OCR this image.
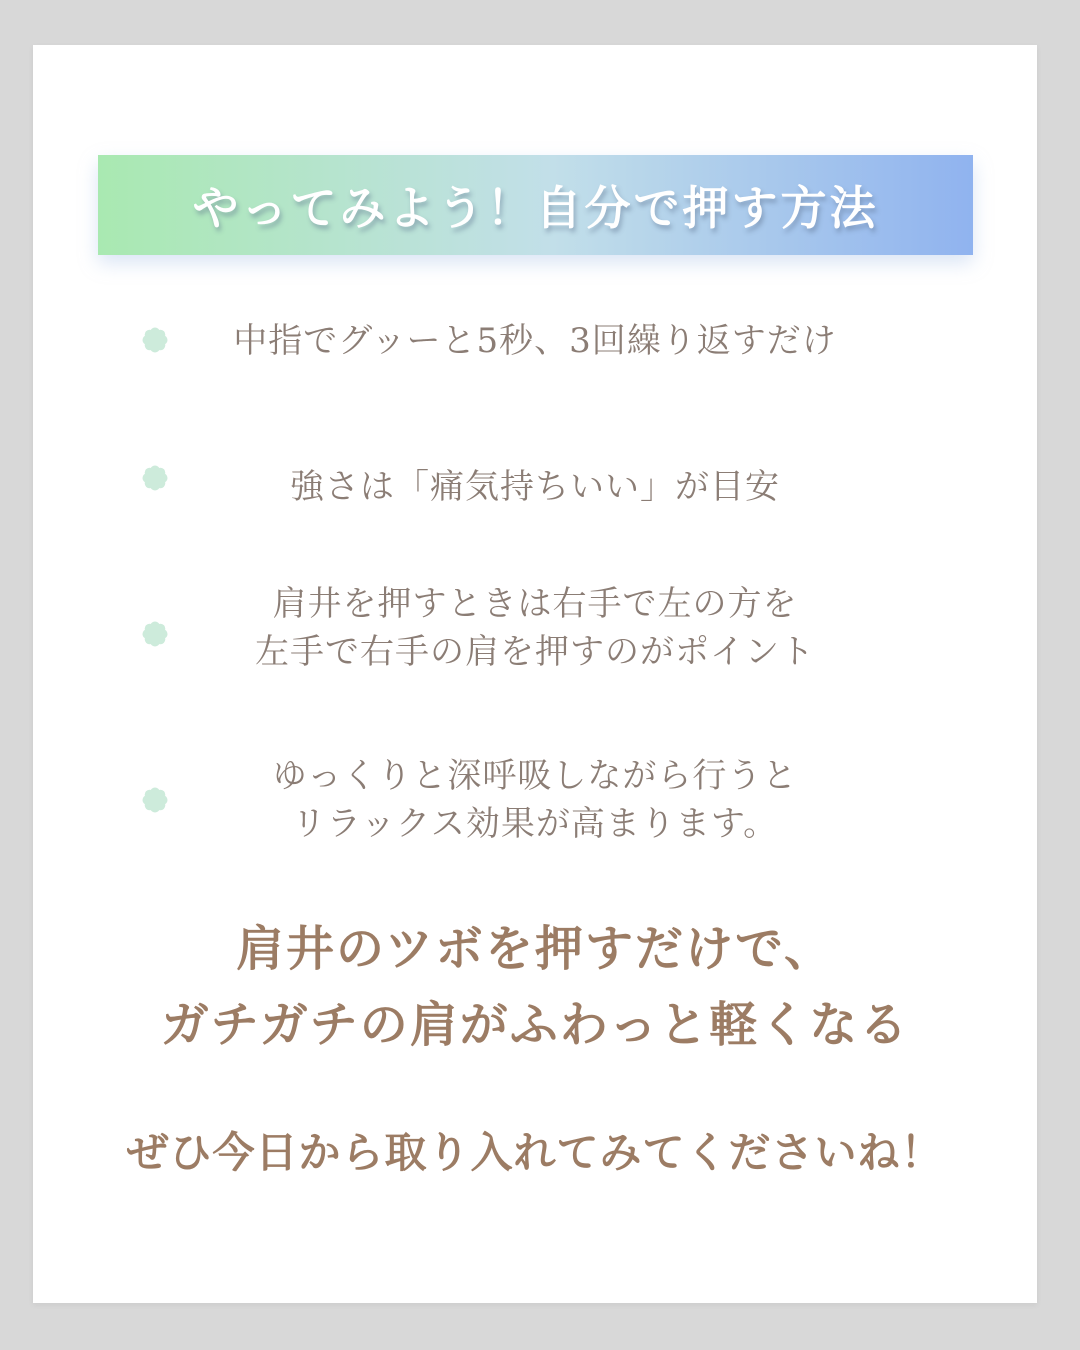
やってみよう！自分で押す方法
中指でグッーと5秒、3回繰り返すだけ
強さは「痛気持ちいい」が目安
肩井を押すときは右手で左の方を
左手で右手の肩を押すのがポイント
ゆっくりと深呼吸しながら行うと
リラックス効果が高まります。
肩井のツボを押すだけで、
ガチガチの肩がふわっと軽くなる
ぜひ今日から取り入れてみてくださいね！
